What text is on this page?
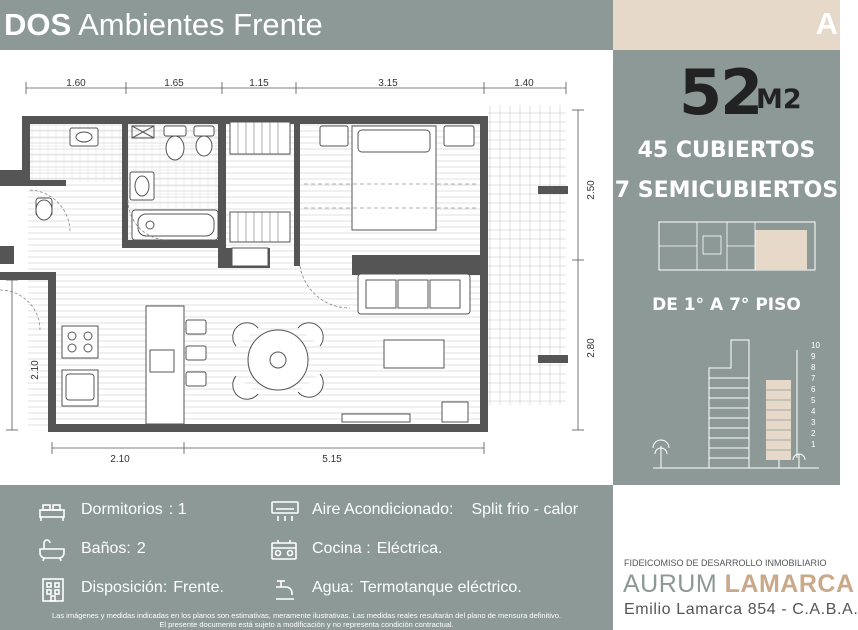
DOS Ambientes Frente	A
1.60	1.65	1.15	3.15	1.40
2.10	5.15
2.50
2.80
2.10
52
M2
45 CUBIERTOS
7 SEMICUBIERTOS
DE 1° A 7° PISO
10
9
8
7
6
5
4
3
2
1
Dormitorios : 1
Baños: 2
Disposición: Frente.
Aire Acondicionado: Split frio - calor
Cocina : Eléctrica.
Agua: Termotanque eléctrico.
Las imágenes y medidas indicadas en los planos son estimativas, meramente ilustrativas. Las medidas reales resultarán del plano de mensura definitivo.
El presente documento está sujeto a modificación y no representa condición contractual.
FIDEICOMISO DE DESARROLLO INMOBILIARIO
AURUM LAMARCA
Emilio Lamarca 854 - C.A.B.A.
